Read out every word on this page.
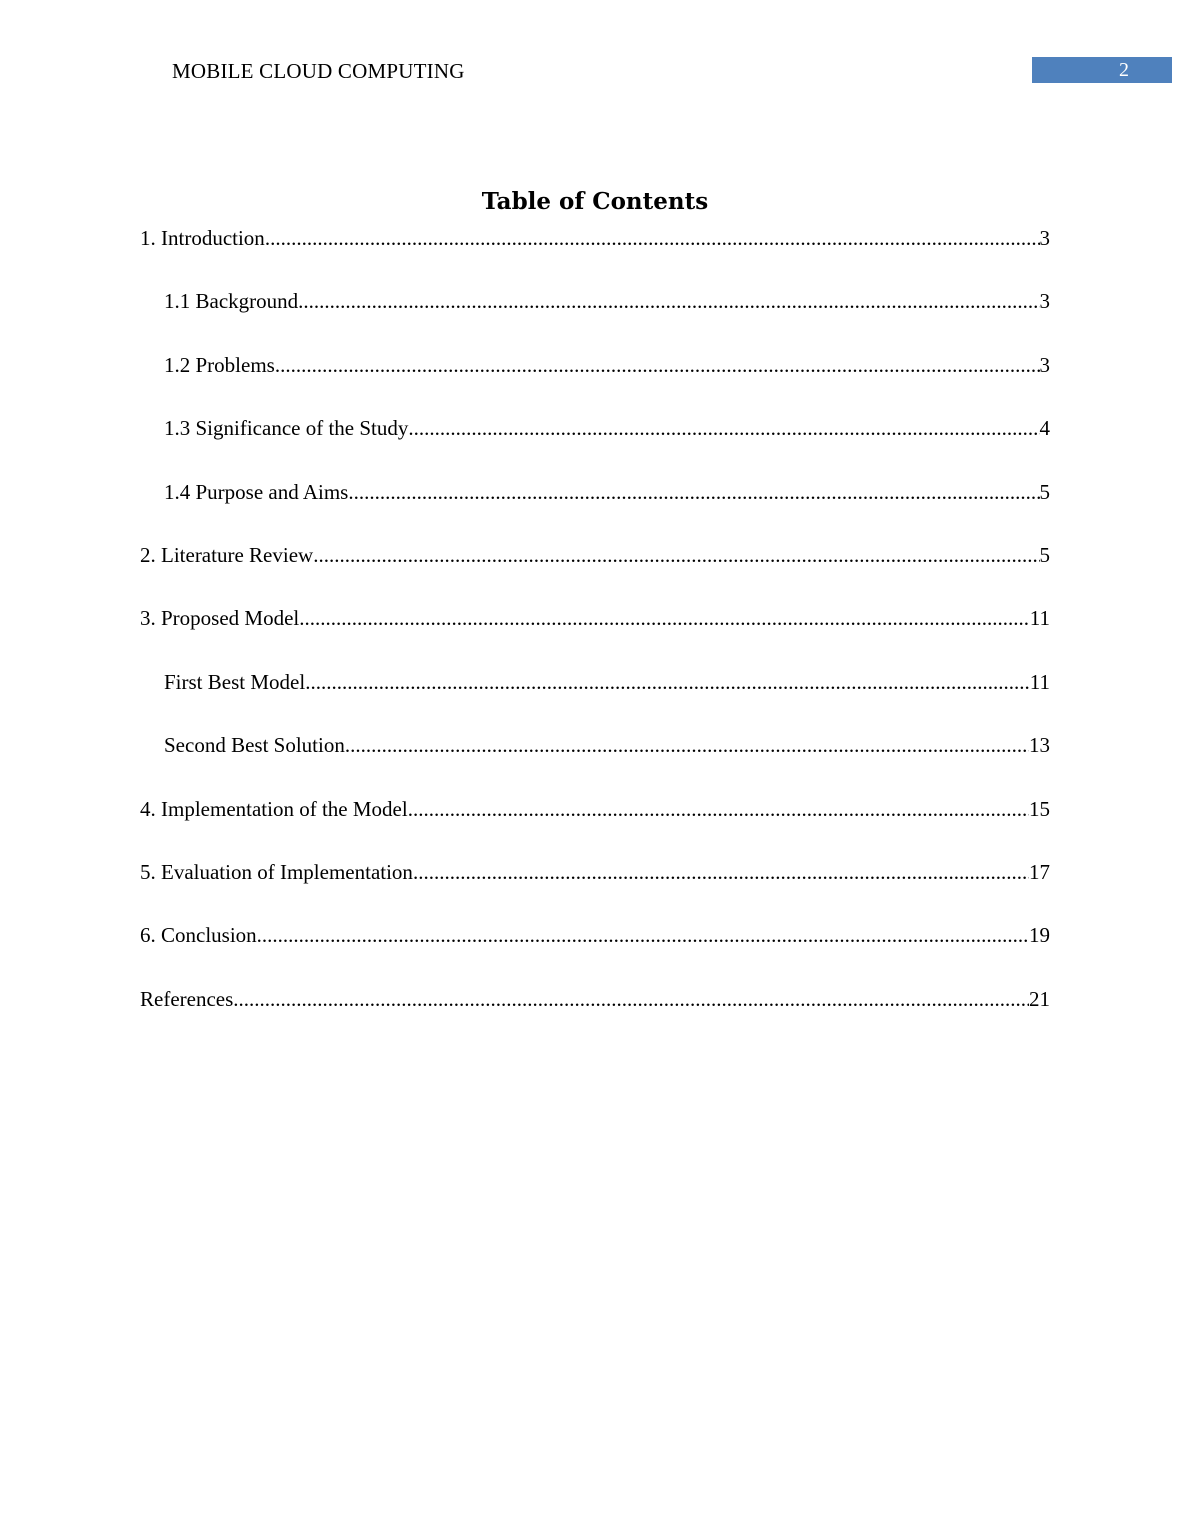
MOBILE CLOUD COMPUTING	2
Table of Contents
1. Introduction .....	3
1.1 Background .....	3
1.2 Problems .....	3
1.3 Significance of the Study .....	4
1.4 Purpose and Aims .....	5
2. Literature Review .....	5
3. Proposed Model .....	11
First Best Model .....	11
Second Best Solution .....	13
4. Implementation of the Model .....	15
5. Evaluation of Implementation .....	17
6. Conclusion .....	19
References .....	21
